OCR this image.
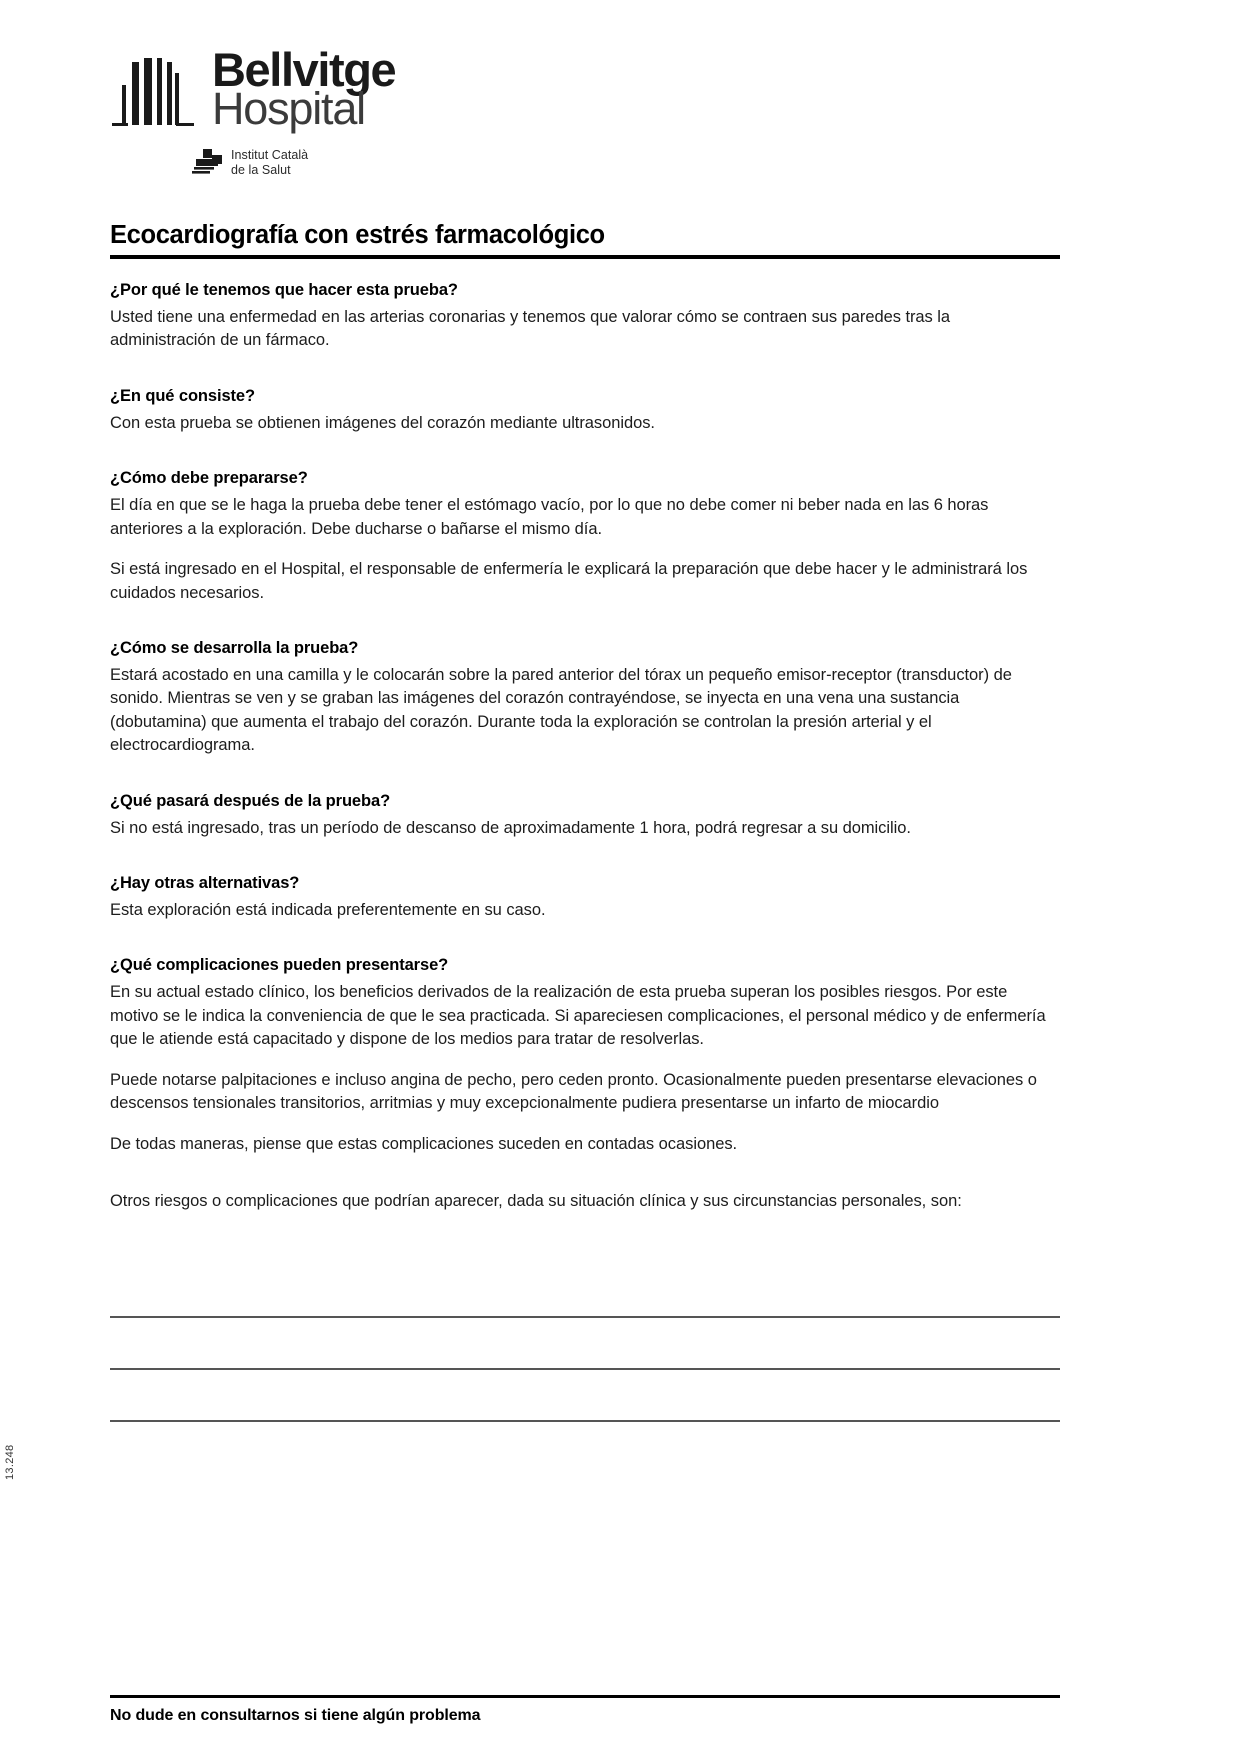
13.248
Bellvitge
Hospital
Institut Català
de la Salut
Ecocardiografía con estrés farmacológico

¿Por qué le tenemos que hacer esta prueba?

Usted tiene una enfermedad en las arterias coronarias y tenemos que valorar cómo se contraen sus paredes tras la administración de un fármaco.

¿En qué consiste?

Con esta prueba se obtienen imágenes del corazón mediante ultrasonidos.

¿Cómo debe prepararse?

El día en que se le haga la prueba debe tener el estómago vacío, por lo que no debe comer ni beber nada en las 6 horas anteriores a la exploración. Debe ducharse o bañarse el mismo día.

Si está ingresado en el Hospital, el responsable de enfermería le explicará la preparación que debe hacer y le administrará los cuidados necesarios.

¿Cómo se desarrolla la prueba?

Estará acostado en una camilla y le colocarán sobre la pared anterior del tórax un pequeño emisor-receptor (transductor) de sonido. Mientras se ven y se graban las imágenes del corazón contrayéndose, se inyecta en una vena una sustancia (dobutamina) que aumenta el trabajo del corazón. Durante toda la exploración se controlan la presión arterial y el electrocardiograma.

¿Qué pasará después de la prueba?

Si no está ingresado, tras un período de descanso de aproximadamente 1 hora, podrá regresar a su domicilio.

¿Hay otras alternativas?

Esta exploración está indicada preferentemente en su caso.

¿Qué complicaciones pueden presentarse?

En su actual estado clínico, los beneficios derivados de la realización de esta prueba superan los posibles riesgos. Por este motivo se le indica la conveniencia de que le sea practicada. Si apareciesen complicaciones, el personal médico y de enfermería que le atiende está capacitado y dispone de los medios para tratar de resolverlas.

Puede notarse palpitaciones e incluso angina de pecho, pero ceden pronto. Ocasionalmente pueden presentarse elevaciones o descensos tensionales transitorios, arritmias y muy excepcionalmente pudiera presentarse un infarto de miocardio

De todas maneras, piense que estas complicaciones suceden en contadas ocasiones.

Otros riesgos o complicaciones que podrían aparecer, dada su situación clínica y sus circunstancias personales, son:

No dude en consultarnos si tiene algún problema
